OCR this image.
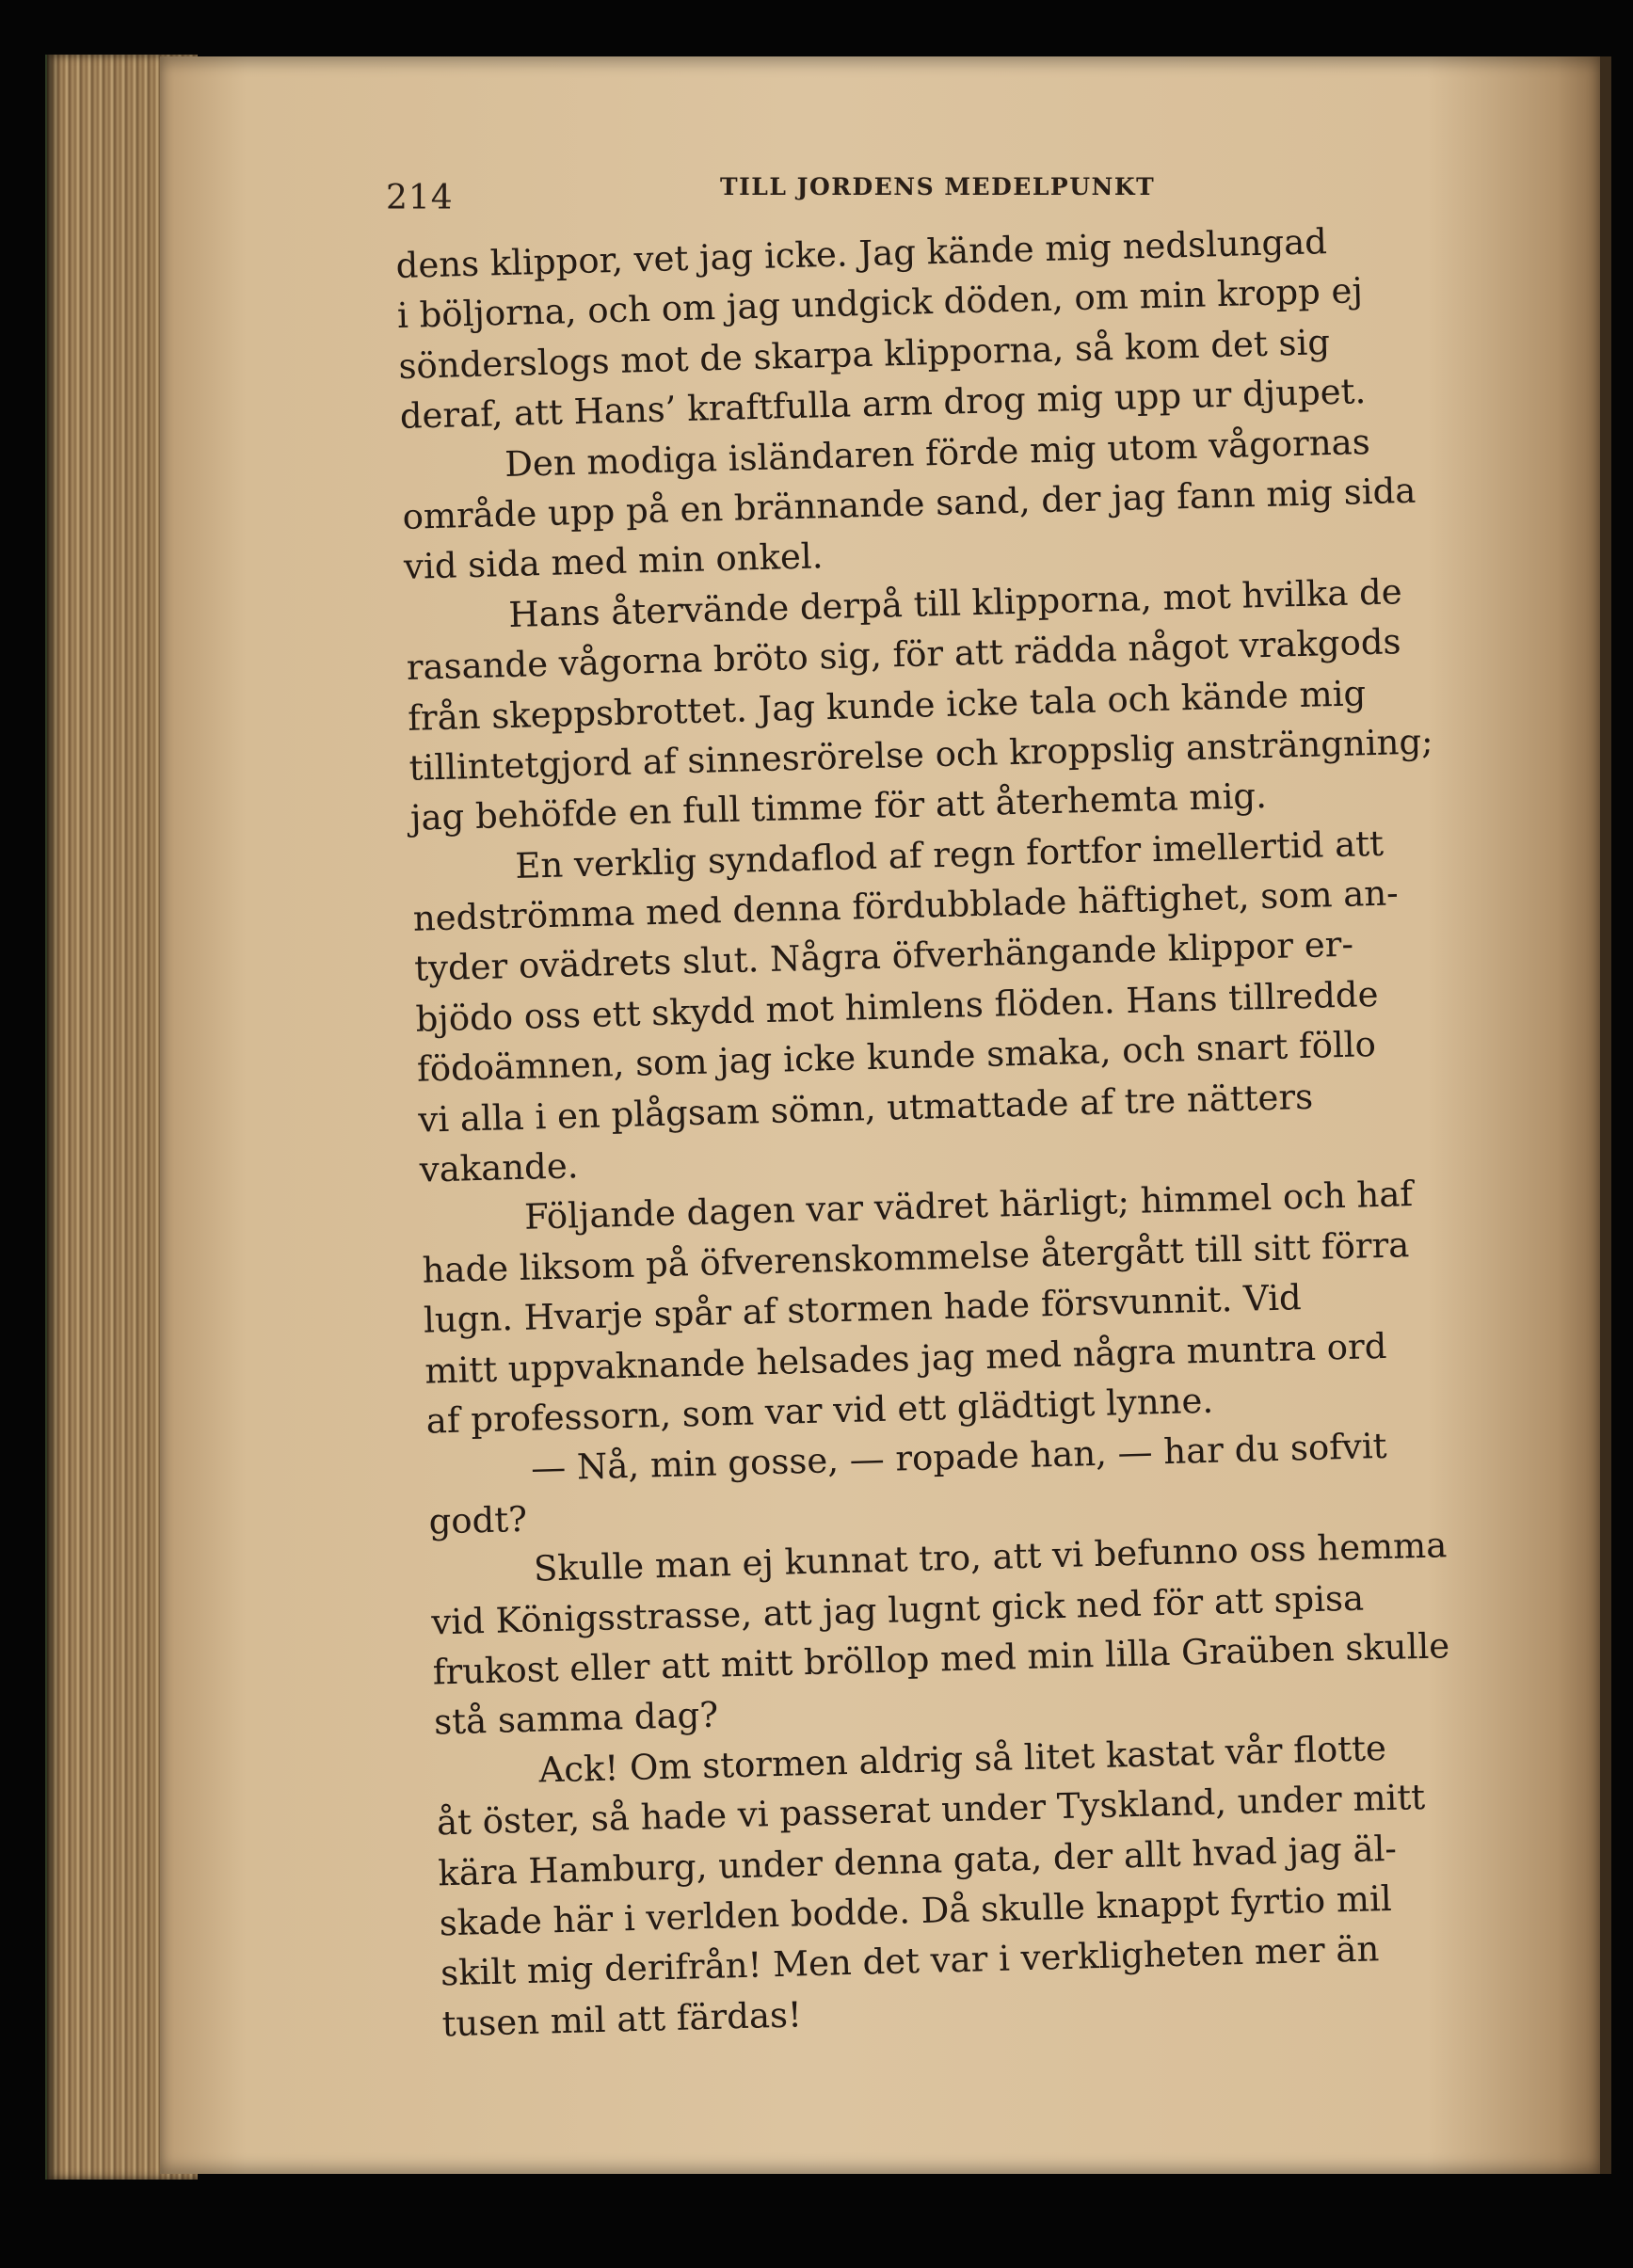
214	TILL JORDENS MEDELPUNKT
dens klippor, vet jag icke. Jag kände mig nedslungad
i böljorna, och om jag undgick döden, om min kropp ej
sönderslogs mot de skarpa klipporna, så kom det sig
deraf, att Hans’ kraftfulla arm drog mig upp ur djupet.
Den modiga isländaren förde mig utom vågornas
område upp på en brännande sand, der jag fann mig sida
vid sida med min onkel.
Hans återvände derpå till klipporna, mot hvilka de
rasande vågorna bröto sig, för att rädda något vrakgods
från skeppsbrottet. Jag kunde icke tala och kände mig
tillintetgjord af sinnesrörelse och kroppslig ansträngning;
jag behöfde en full timme för att återhemta mig.
En verklig syndaflod af regn fortfor imellertid att
nedströmma med denna fördubblade häftighet, som an-
tyder ovädrets slut. Några öfverhängande klippor er-
bjödo oss ett skydd mot himlens flöden. Hans tillredde
födoämnen, som jag icke kunde smaka, och snart föllo
vi alla i en plågsam sömn, utmattade af tre nätters
vakande.
Följande dagen var vädret härligt; himmel och haf
hade liksom på öfverenskommelse återgått till sitt förra
lugn. Hvarje spår af stormen hade försvunnit. Vid
mitt uppvaknande helsades jag med några muntra ord
af professorn, som var vid ett glädtigt lynne.
— Nå, min gosse, — ropade han, — har du sofvit
godt?
Skulle man ej kunnat tro, att vi befunno oss hemma
vid Königsstrasse, att jag lugnt gick ned för att spisa
frukost eller att mitt bröllop med min lilla Graüben skulle
stå samma dag?
Ack! Om stormen aldrig så litet kastat vår flotte
åt öster, så hade vi passerat under Tyskland, under mitt
kära Hamburg, under denna gata, der allt hvad jag äl-
skade här i verlden bodde. Då skulle knappt fyrtio mil
skilt mig derifrån! Men det var i verkligheten mer än
tusen mil att färdas!
